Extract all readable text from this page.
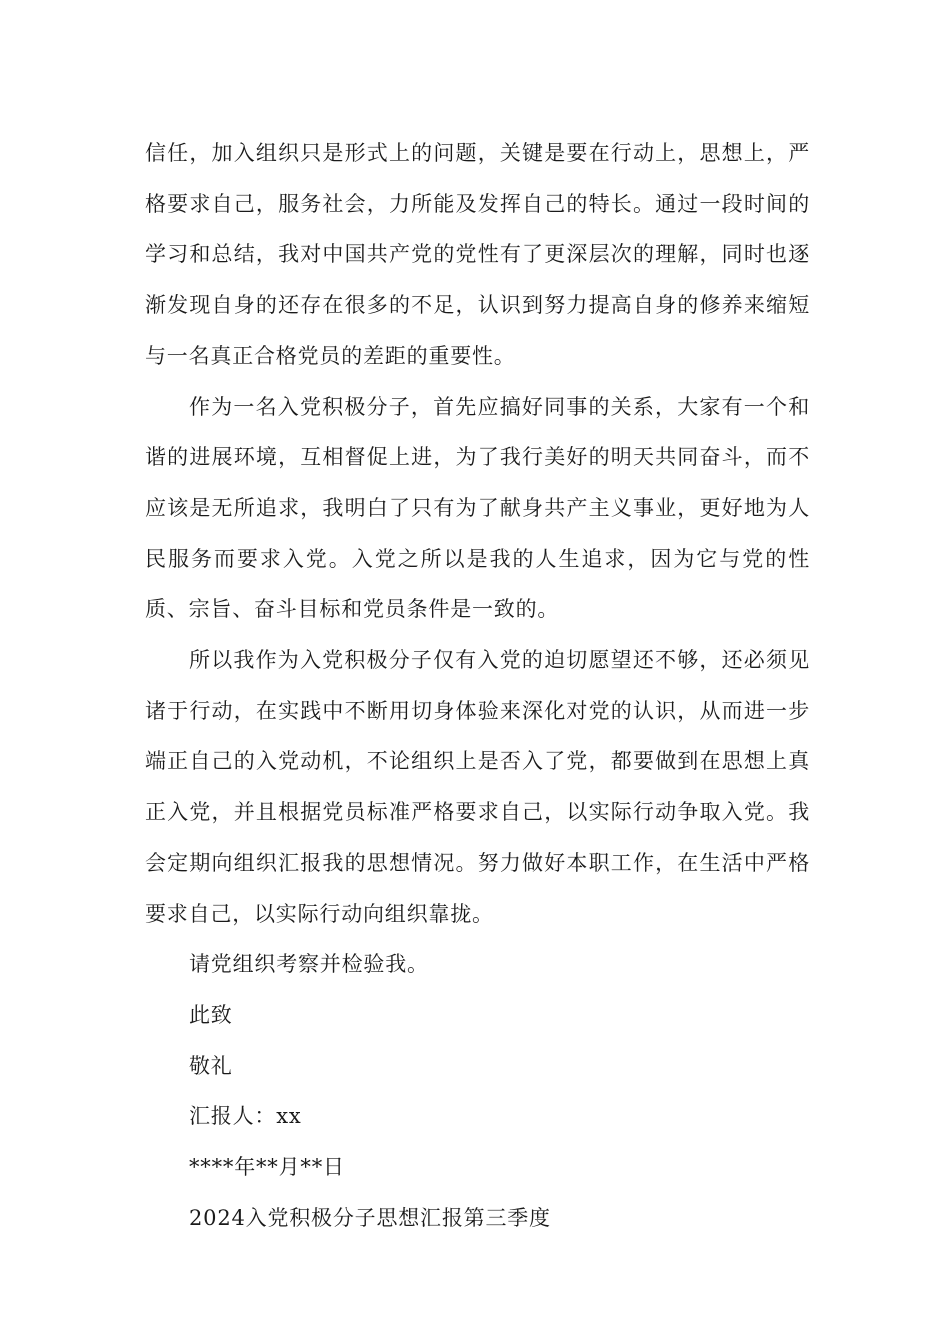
信任，加入组织只是形式上的问题，关键是要在行动上，思想上，严格要求自己，服务社会，力所能及发挥自己的特长。通过一段时间的学习和总结，我对中国共产党的党性有了更深层次的理解，同时也逐渐发现自身的还存在很多的不足，认识到努力提高自身的修养来缩短与一名真正合格党员的差距的重要性。

作为一名入党积极分子，首先应搞好同事的关系，大家有一个和谐的进展环境，互相督促上进，为了我行美好的明天共同奋斗，而不应该是无所追求，我明白了只有为了献身共产主义事业，更好地为人民服务而要求入党。入党之所以是我的人生追求，因为它与党的性质、宗旨、奋斗目标和党员条件是一致的。

所以我作为入党积极分子仅有入党的迫切愿望还不够，还必须见诸于行动，在实践中不断用切身体验来深化对党的认识，从而进一步端正自己的入党动机，不论组织上是否入了党，都要做到在思想上真正入党，并且根据党员标准严格要求自己，以实际行动争取入党。我会定期向组织汇报我的思想情况。努力做好本职工作，在生活中严格要求自己，以实际行动向组织靠拢。

请党组织考察并检验我。

此致

敬礼

汇报人：xx

****年**月**日

2024入党积极分子思想汇报第三季度
